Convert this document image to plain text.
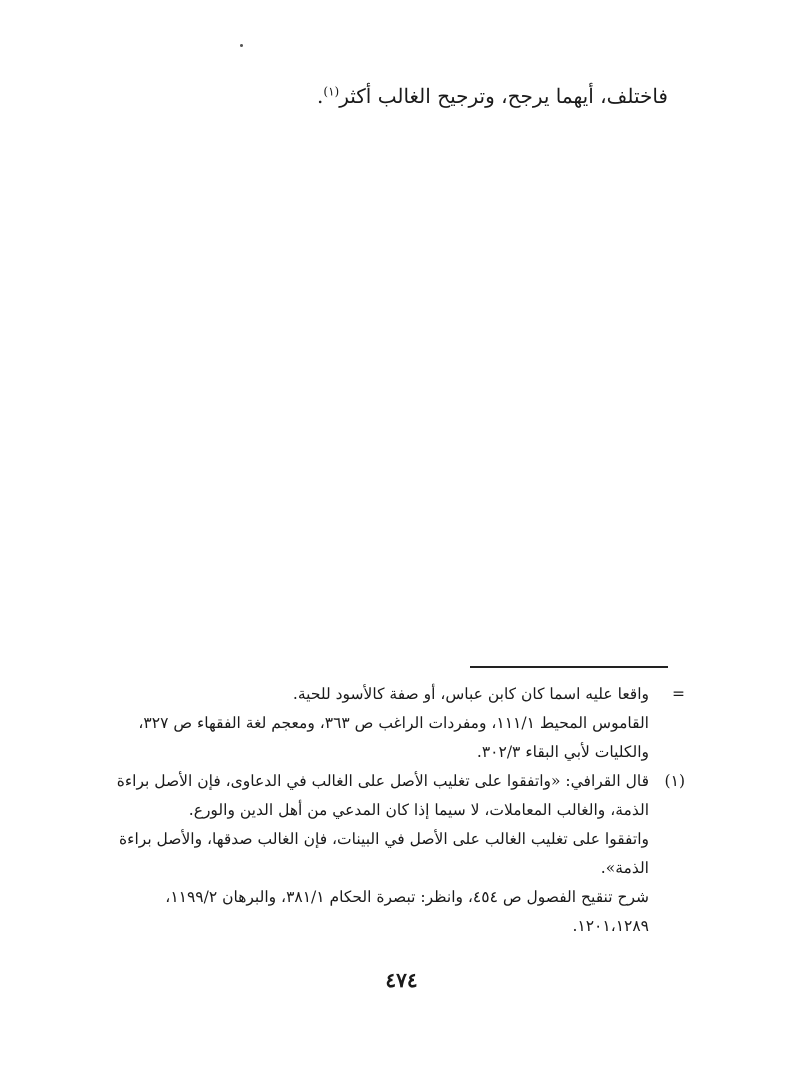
فاختلف، أيهما يرجح، وترجيح الغالب أكثر$^{(١)}$.
=
واقعا عليه اسما كان كابن عباس، أو صفة كالأسود للحية.
القاموس المحيط ١١١/١، ومفردات الراغب ص ٣٦٣، ومعجم لغة الفقهاء ص ٣٢٧،
والكليات لأبي البقاء ٣٠٢/٣.
(١)
قال القرافي: «واتفقوا على تغليب الأصل على الغالب في الدعاوى، فإن الأصل براءة
الذمة، والغالب المعاملات، لا سيما إذا كان المدعي من أهل الدين والورع.
واتفقوا على تغليب الغالب على الأصل في البينات، فإن الغالب صدقها، والأصل براءة
الذمة».
شرح تنقيح الفصول ص ٤٥٤، وانظر: تبصرة الحكام ٣٨١/١، والبرهان ١١٩٩/٢،
١٢٠١،١٢٨٩.
٤٧٤
